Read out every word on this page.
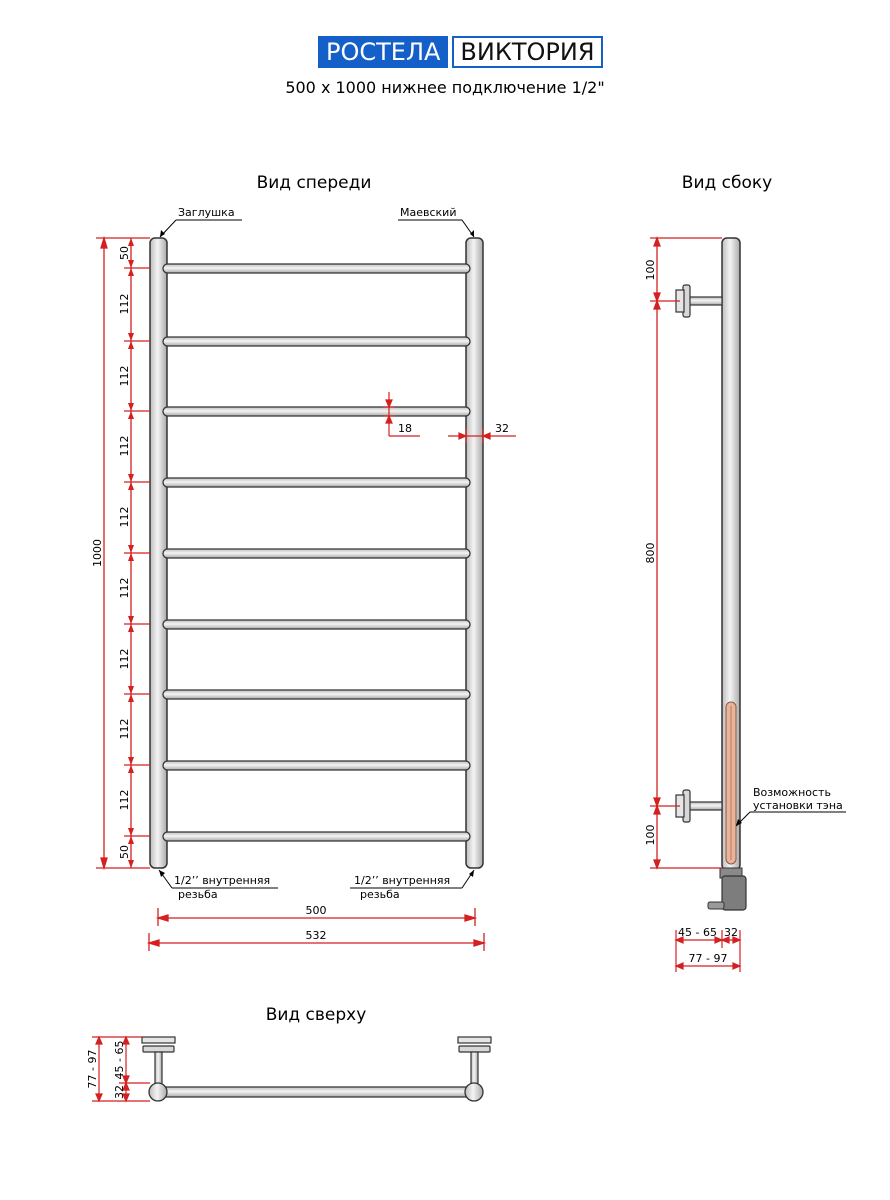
РОСТЕЛА ВИКТОРИЯ
500 x 1000 нижнее подключение 1/2"
Вид спереди
Заглушка	Маевский
1/2’’ внутренняя
резьба
1/2’’ внутренняя
резьба
1000
50
112
112
112
112
112
112
112
112
50
18	32
500
532
Вид сбоку
100
800
100
Возможность
установки тэна
45 - 65 32
77 - 97
Вид сверху
77 - 97 45 - 65
32
